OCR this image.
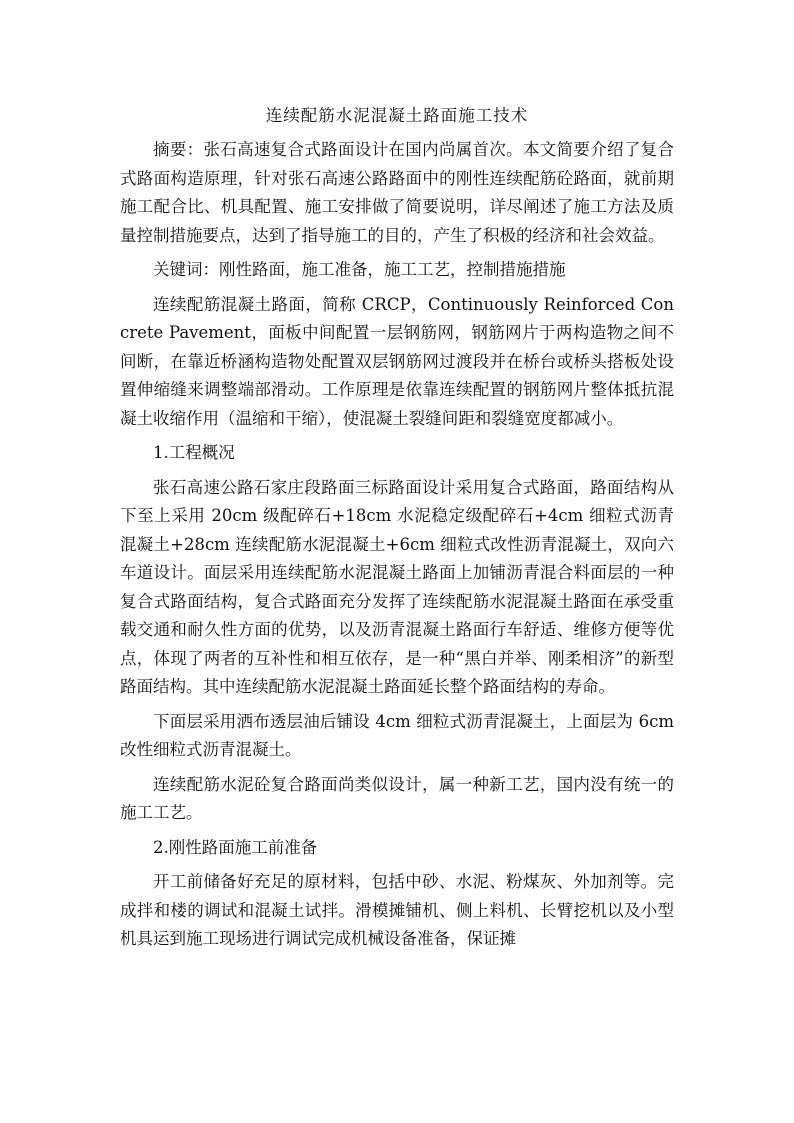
连续配筋水泥混凝土路面施工技术

摘要：张石高速复合式路面设计在国内尚属首次。本文简要介绍了复合式路面构造原理，针对张石高速公路路面中的刚性连续配筋砼路面，就前期施工配合比、机具配置、施工安排做了简要说明，详尽阐述了施工方法及质量控制措施要点，达到了指导施工的目的，产生了积极的经济和社会效益。

关键词：刚性路面，施工准备，施工工艺，控制措施措施

连续配筋混凝土路面，简称 CRCP，Continuously Reinforced Concrete Pavement，面板中间配置一层钢筋网，钢筋网片于两构造物之间不间断，在靠近桥涵构造物处配置双层钢筋网过渡段并在桥台或桥头搭板处设置伸缩缝来调整端部滑动。工作原理是依靠连续配置的钢筋网片整体抵抗混凝土收缩作用（温缩和干缩），使混凝土裂缝间距和裂缝宽度都减小。

1.工程概况

张石高速公路石家庄段路面三标路面设计采用复合式路面，路面结构从下至上采用 20cm 级配碎石+18cm 水泥稳定级配碎石+4cm 细粒式沥青混凝土+28cm 连续配筋水泥混凝土+6cm 细粒式改性沥青混凝土，双向六车道设计。面层采用连续配筋水泥混凝土路面上加铺沥青混合料面层的一种复合式路面结构，复合式路面充分发挥了连续配筋水泥混凝土路面在承受重载交通和耐久性方面的优势，以及沥青混凝土路面行车舒适、维修方便等优点，体现了两者的互补性和相互依存，是一种“黑白并举、刚柔相济”的新型路面结构。其中连续配筋水泥混凝土路面延长整个路面结构的寿命。

下面层采用洒布透层油后铺设 4cm 细粒式沥青混凝土，上面层为 6cm 改性细粒式沥青混凝土。

连续配筋水泥砼复合路面尚类似设计，属一种新工艺，国内没有统一的施工工艺。

2.刚性路面施工前准备

开工前储备好充足的原材料，包括中砂、水泥、粉煤灰、外加剂等。完成拌和楼的调试和混凝土试拌。滑模摊铺机、侧上料机、长臂挖机以及小型机具运到施工现场进行调试完成机械设备准备，保证摊
